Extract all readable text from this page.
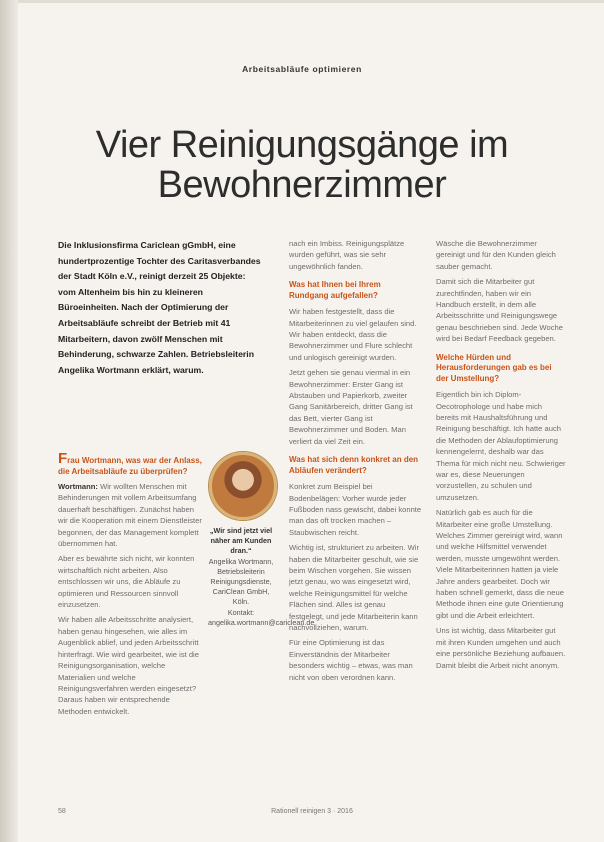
Arbeitsabläufe optimieren
Vier Reinigungsgänge im
Bewohnerzimmer
Die Inklusionsfirma Cariclean gGmbH, eine hundertprozentige Tochter des Caritasverbandes der Stadt Köln e.V., reinigt derzeit 25 Objekte: vom Altenheim bis hin zu kleineren Büroeinheiten. Nach der Optimierung der Arbeitsabläufe schreibt der Betrieb mit 41 Mitarbeitern, davon zwölf Menschen mit Behinderung, schwarze Zahlen. Betriebsleiterin Angelika Wortmann erklärt, warum.

Frau Wortmann, was war der Anlass, die Arbeitsabläufe zu überprüfen?

Wortmann: Wir wollten Menschen mit Behinderungen mit vollem Arbeitsumfang dauerhaft beschäftigen. Zunächst haben wir die Kooperation mit einem Dienstleister begonnen, der das Management komplett übernommen hat.

Aber es bewährte sich nicht, wir konnten wirtschaftlich nicht arbeiten. Also entschlossen wir uns, die Abläufe zu optimieren und Ressourcen sinnvoll einzusetzen.

Wir haben alle Arbeitsschritte analysiert, haben genau hingesehen, wie alles im Augenblick ablief, und jeden Arbeitsschritt hinterfragt. Wie wird gearbeitet, wie ist die Reinigungsorganisation, welche Materialien und welche Reinigungsverfahren werden eingesetzt? Daraus haben wir entsprechende Methoden entwickelt.

„Wir sind jetzt viel näher am Kunden dran.“
Angelika Wortmann, Betriebsleiterin Reinigungsdienste, CariClean GmbH, Köln.
Kontakt: angelika.wortmann@cariclean.de

nach ein Imbiss. Reinigungsplätze wurden geführt, was sie sehr ungewöhnlich fanden.

Was hat Ihnen bei Ihrem Rundgang aufgefallen?

Wir haben festgestellt, dass die Mitarbeiterinnen zu viel gelaufen sind. Wir haben entdeckt, dass die Bewohnerzimmer und Flure schlecht und unlogisch gereinigt wurden.

Jetzt gehen sie genau viermal in ein Bewohnerzimmer: Erster Gang ist Abstauben und Papierkorb, zweiter Gang Sanitärbereich, dritter Gang ist das Bett, vierter Gang ist Bewohnerzimmer und Boden. Man verliert da viel Zeit ein.

Was hat sich denn konkret an den Abläufen verändert?

Konkret zum Beispiel bei Bodenbelägen: Vorher wurde jeder Fußboden nass gewischt, dabei konnte man das oft trocken machen – Staubwischen reicht.

Wichtig ist, strukturiert zu arbeiten. Wir haben die Mitarbeiter geschult, wie sie beim Wischen vorgehen. Sie wissen jetzt genau, wo was eingesetzt wird, welche Reinigungsmittel für welche Flächen sind. Alles ist genau festgelegt, und jede Mitarbeiterin kann nachvollziehen, warum.

Für eine Optimierung ist das Einverständnis der Mitarbeiter besonders wichtig – etwas, was man nicht von oben verordnen kann.

Wäsche die Bewohnerzimmer gereinigt und für den Kunden gleich sauber gemacht.

Damit sich die Mitarbeiter gut zurechtfinden, haben wir ein Handbuch erstellt, in dem alle Arbeitsschritte und Reinigungswege genau beschrieben sind. Jede Woche wird bei Bedarf Feedback gegeben.

Welche Hürden und Herausforderungen gab es bei der Umstellung?

Eigentlich bin ich Diplom-Oecotrophologe und habe mich bereits mit Haushaltsführung und Reinigung beschäftigt. Ich hatte auch die Methoden der Ablaufoptimierung kennengelernt, deshalb war das Thema für mich nicht neu. Schwieriger war es, diese Neuerungen vorzustellen, zu schulen und umzusetzen.

Natürlich gab es auch für die Mitarbeiter eine große Umstellung. Welches Zimmer gereinigt wird, wann und welche Hilfsmittel verwendet werden, musste umgewöhnt werden. Viele Mitarbeiterinnen hatten ja viele Jahre anders gearbeitet. Doch wir haben schnell gemerkt, dass die neue Methode ihnen eine gute Orientierung gibt und die Arbeit erleichtert.

Uns ist wichtig, dass Mitarbeiter gut mit ihren Kunden umgehen und auch eine persönliche Beziehung aufbauen. Damit bleibt die Arbeit nicht anonym.

58	Rationell reinigen 3 · 2016
